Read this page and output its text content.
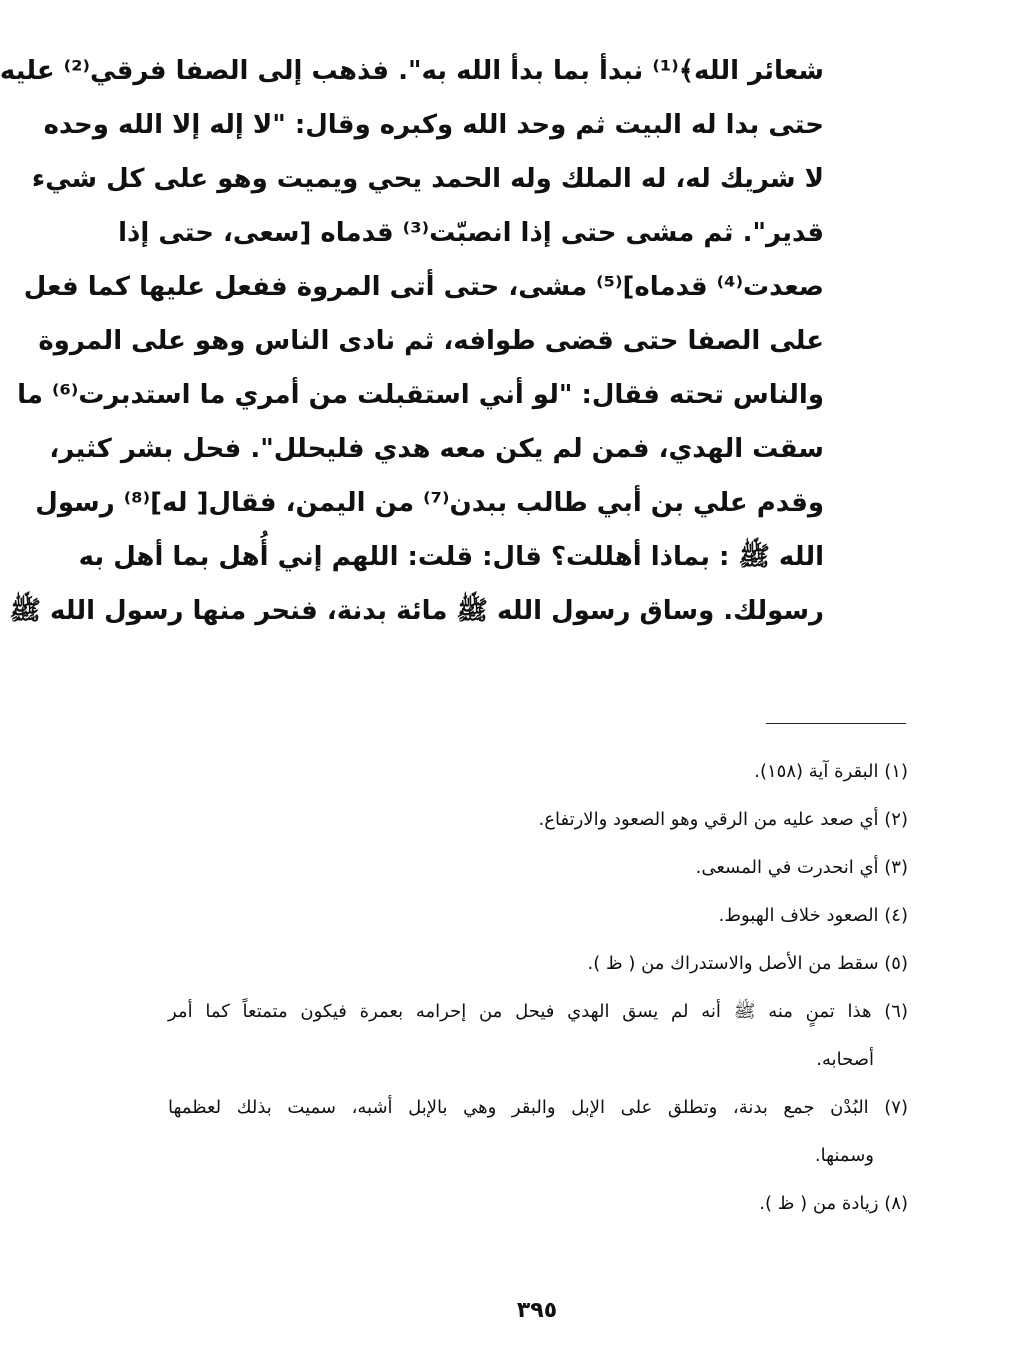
شعائر الله﴾⁽¹⁾ نبدأ بما بدأ الله به". فذهب إلى الصفا فرقي⁽²⁾ عليه
حتى بدا له البيت ثم وحد الله وكبره وقال: "لا إله إلا الله وحده
لا شريك له، له الملك وله الحمد يحي ويميت وهو على كل شيء
قدير". ثم مشى حتى إذا انصبّت⁽³⁾ قدماه [سعى، حتى إذا
صعدت⁽⁴⁾ قدماه]⁽⁵⁾ مشى، حتى أتى المروة ففعل عليها كما فعل
على الصفا حتى قضى طوافه، ثم نادى الناس وهو على المروة
والناس تحته فقال: "لو أني استقبلت من أمري ما استدبرت⁽⁶⁾ ما
سقت الهدي، فمن لم يكن معه هدي فليحلل". فحل بشر كثير،
وقدم علي بن أبي طالب ببدن⁽⁷⁾ من اليمن، فقال[ له]⁽⁸⁾ رسول
الله ﷺ : بماذا أهللت؟ قال: قلت: اللهم إني أُهل بما أهل به
رسولك. وساق رسول الله ﷺ مائة بدنة، فنحر منها رسول الله ﷺ
(١) البقرة آية (١٥٨).
(٢) أي صعد عليه من الرقي وهو الصعود والارتفاع.
(٣) أي انحدرت في المسعى.
(٤) الصعود خلاف الهبوط.
(٥) سقط من الأصل والاستدراك من ( ظ ).
(٦) هذا تمنٍ منه ﷺ أنه لم يسق الهدي فيحل من إحرامه بعمرة فيكون متمتعاً كما أمر
أصحابه.
(٧) البُدْن جمع بدنة، وتطلق على الإبل والبقر وهي بالإبل أشبه، سميت بذلك لعظمها
وسمنها.
(٨) زيادة من ( ظ ).
٣٩٥
